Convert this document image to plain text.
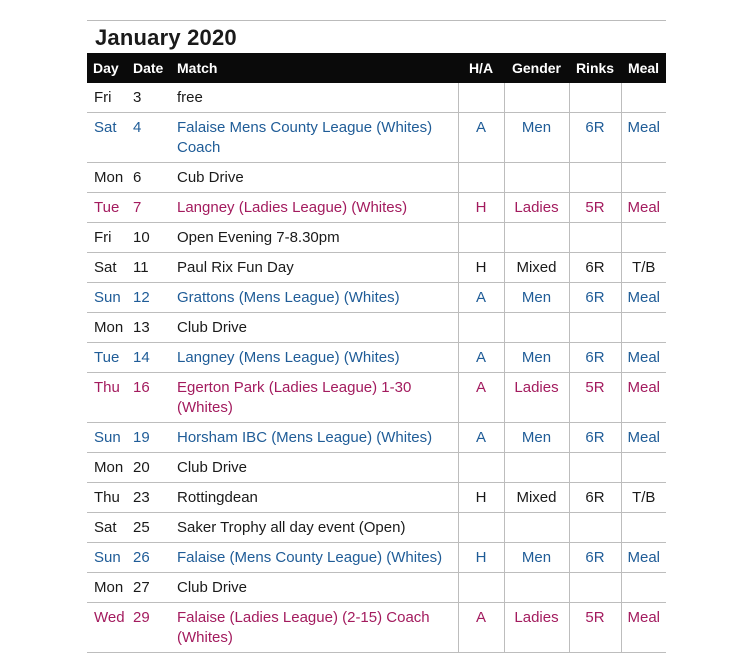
January 2020
Day	Date	Match	H/A	Gender	Rinks	Meal
Fri	3	free				
Sat	4	Falaise Mens County League (Whites) Coach	A	Men	6R	Meal
Mon	6	Cub Drive				
Tue	7	Langney (Ladies League) (Whites)	H	Ladies	5R	Meal
Fri	10	Open Evening 7-8.30pm				
Sat	11	Paul Rix Fun Day	H	Mixed	6R	T/B
Sun	12	Grattons (Mens League) (Whites)	A	Men	6R	Meal
Mon	13	Club Drive				
Tue	14	Langney (Mens League) (Whites)	A	Men	6R	Meal
Thu	16	Egerton Park (Ladies League) 1-30 (Whites)	A	Ladies	5R	Meal
Sun	19	Horsham IBC (Mens League) (Whites)	A	Men	6R	Meal
Mon	20	Club Drive				
Thu	23	Rottingdean	H	Mixed	6R	T/B
Sat	25	Saker Trophy all day event (Open)				
Sun	26	Falaise (Mens County League) (Whites)	H	Men	6R	Meal
Mon	27	Club Drive				
Wed	29	Falaise (Ladies League) (2-15) Coach (Whites)	A	Ladies	5R	Meal
